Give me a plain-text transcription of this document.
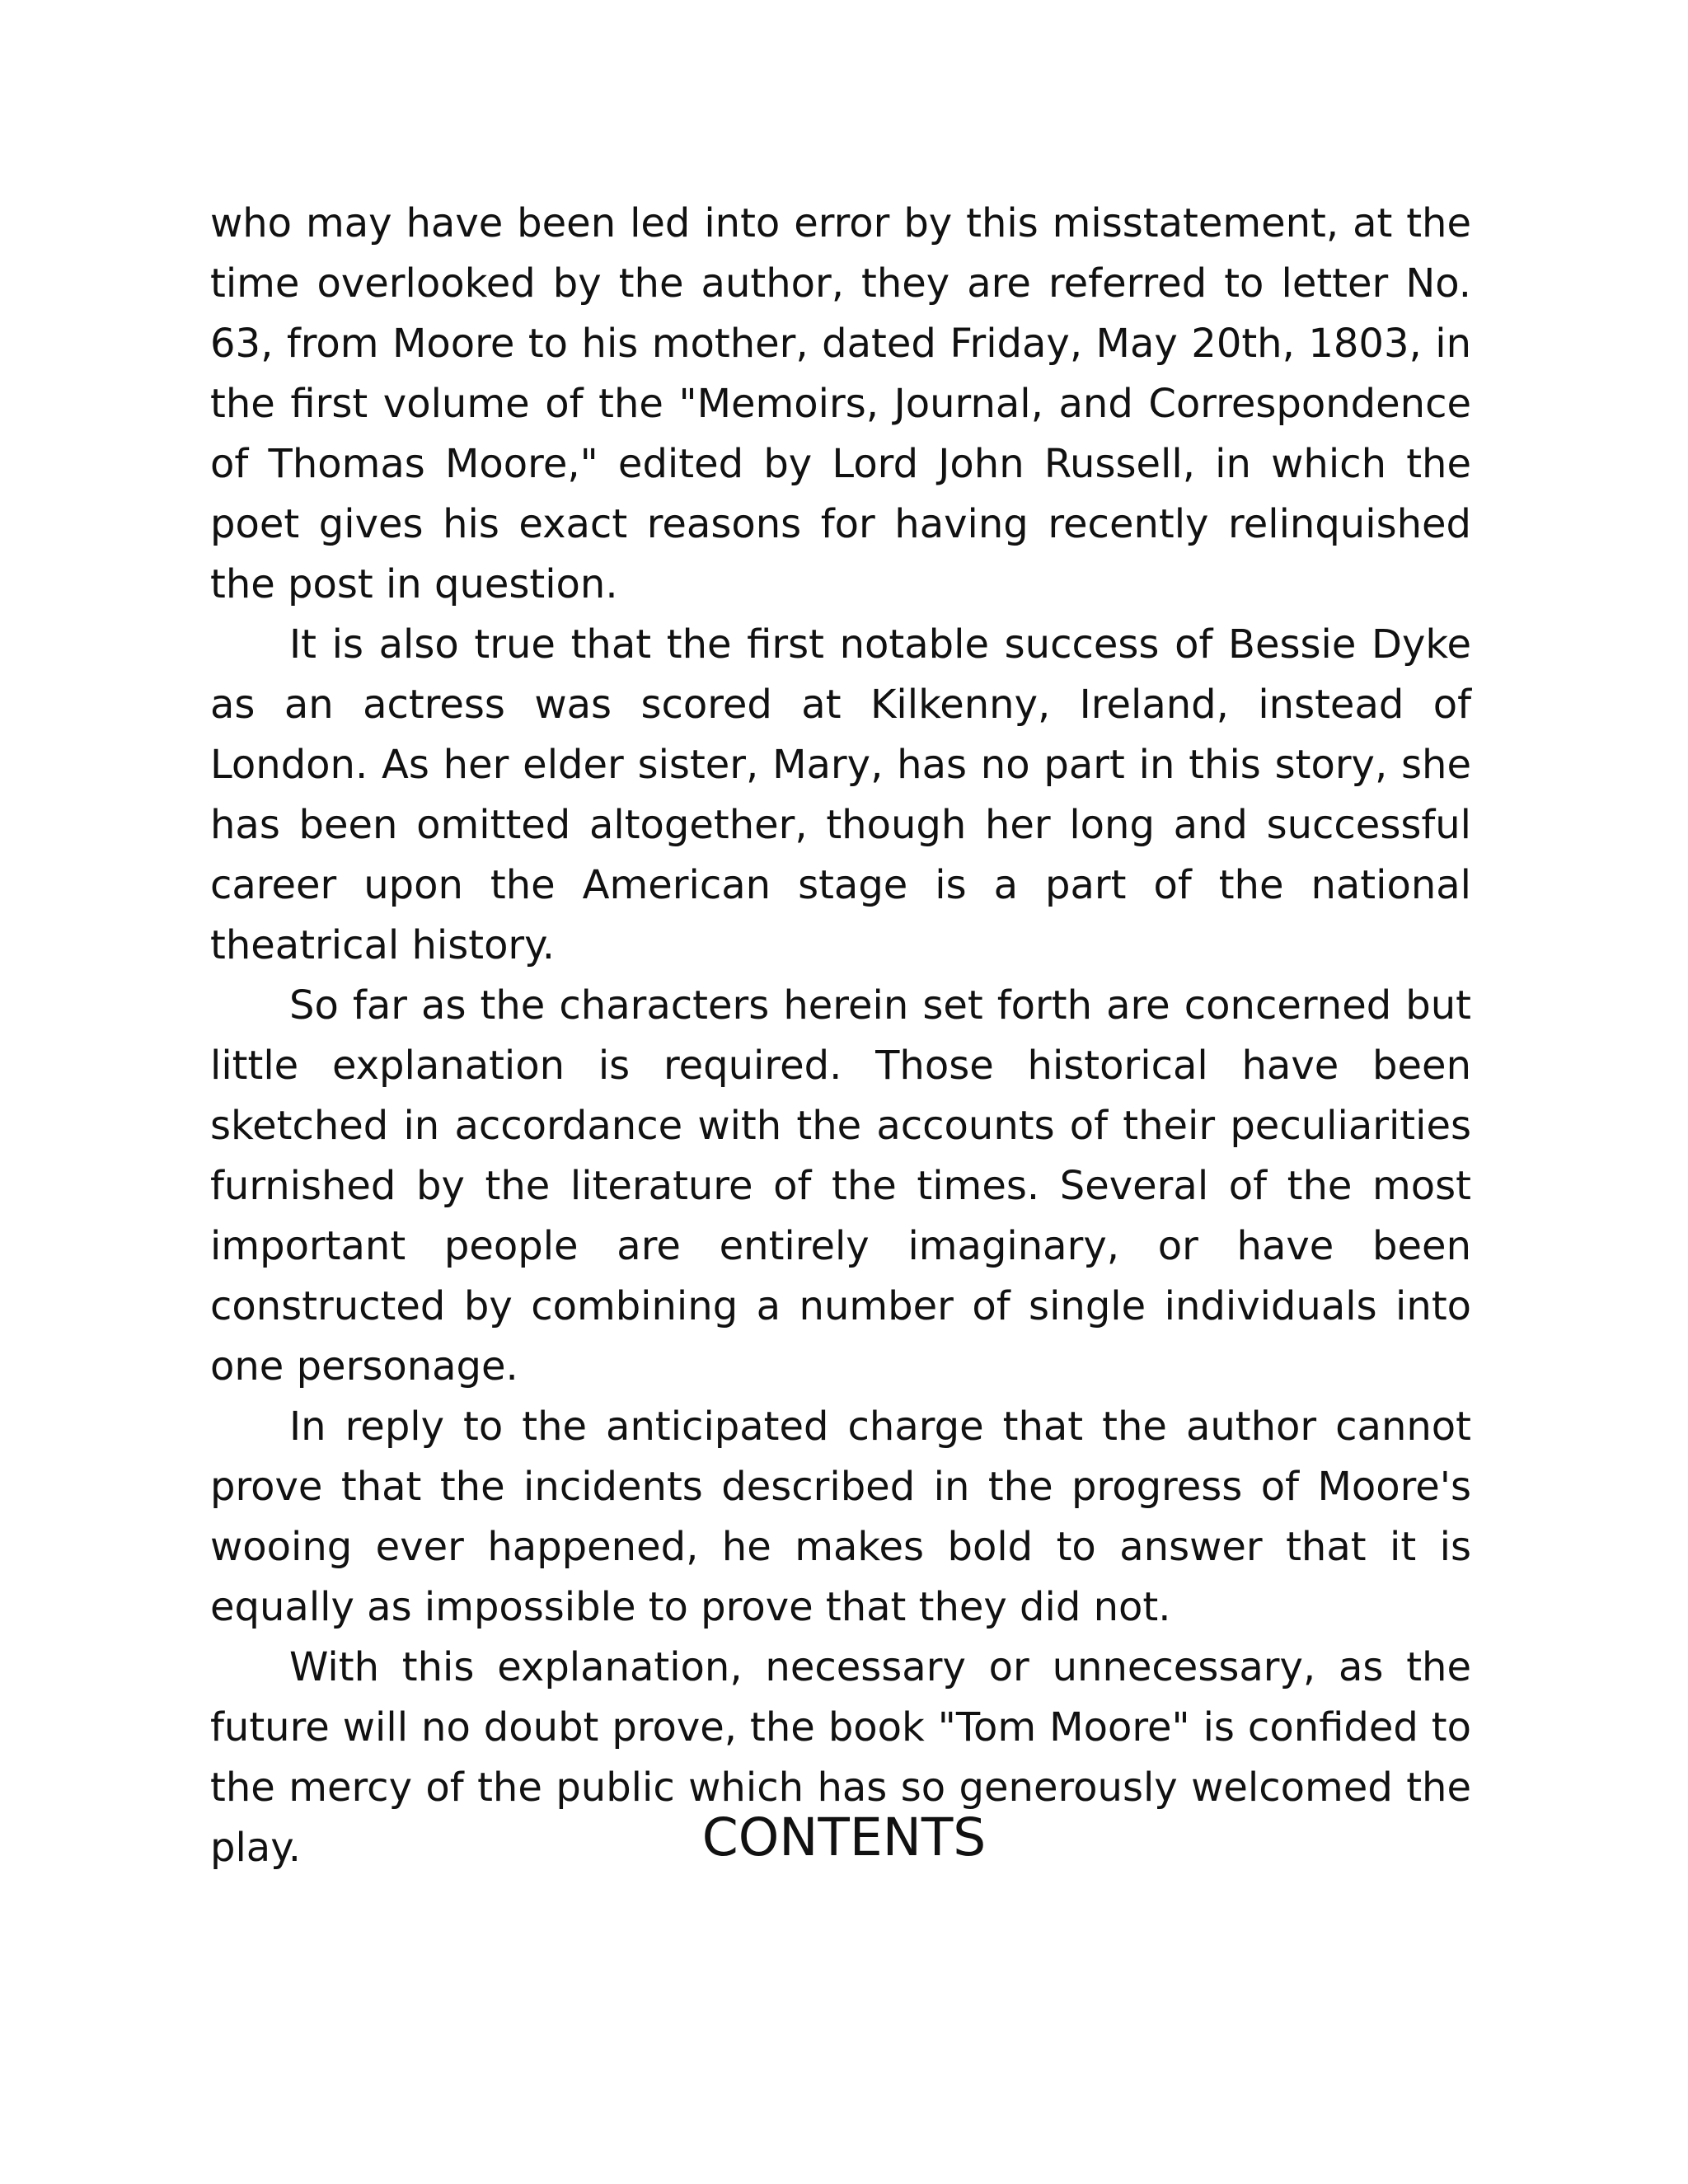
who may have been led into error by this misstatement, at the time overlooked by the author, they are referred to letter No. 63, from Moore to his mother, dated Friday, May 20th, 1803, in the first volume of the "Memoirs, Journal, and Correspondence of Thomas Moore," edited by Lord John Russell, in which the poet gives his exact reasons for having recently relinquished the post in question.

It is also true that the first notable success of Bessie Dyke as an actress was scored at Kilkenny, Ireland, instead of London. As her elder sister, Mary, has no part in this story, she has been omitted altogether, though her long and successful career upon the American stage is a part of the national theatrical history.

So far as the characters herein set forth are concerned but little explanation is required. Those historical have been sketched in accordance with the accounts of their peculiarities furnished by the literature of the times. Several of the most important people are entirely imaginary, or have been constructed by combining a number of single individuals into one personage.

In reply to the anticipated charge that the author cannot prove that the incidents described in the progress of Moore's wooing ever happened, he makes bold to answer that it is equally as impossible to prove that they did not.

With this explanation, necessary or unnecessary, as the future will no doubt prove, the book "Tom Moore" is confided to the mercy of the public which has so generously welcomed the play.	CONTENTS
